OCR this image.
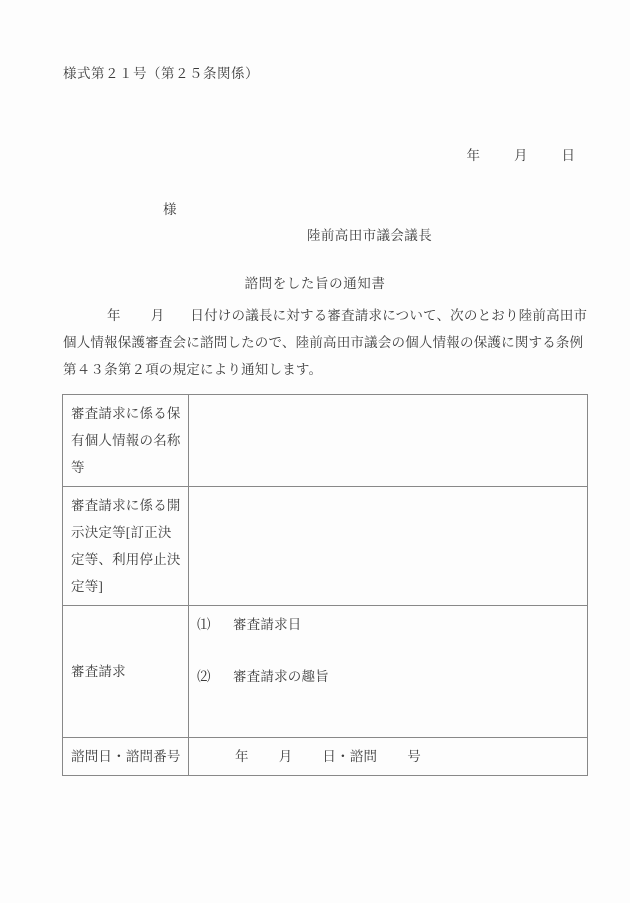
様式第２１号（第２５条関係）
年	月	日
様
陸前高田市議会議長
諮問をした旨の通知書
年 月 日付けの議長に対する審査請求について、次のとおり陸前高田市
個人情報保護審査会に諮問したので、陸前高田市議会の個人情報の保護に関する条例
第４３条第２項の規定により通知します。
審査請求に係る保有個人情報の名称等	
審査請求に係る開示決定等[訂正決定等、利用停止決定等]	
審査請求	⑴ 審査請求日
⑵ 審査請求の趣旨

諮問日・諮問番号	年 月 日・諮問 号
